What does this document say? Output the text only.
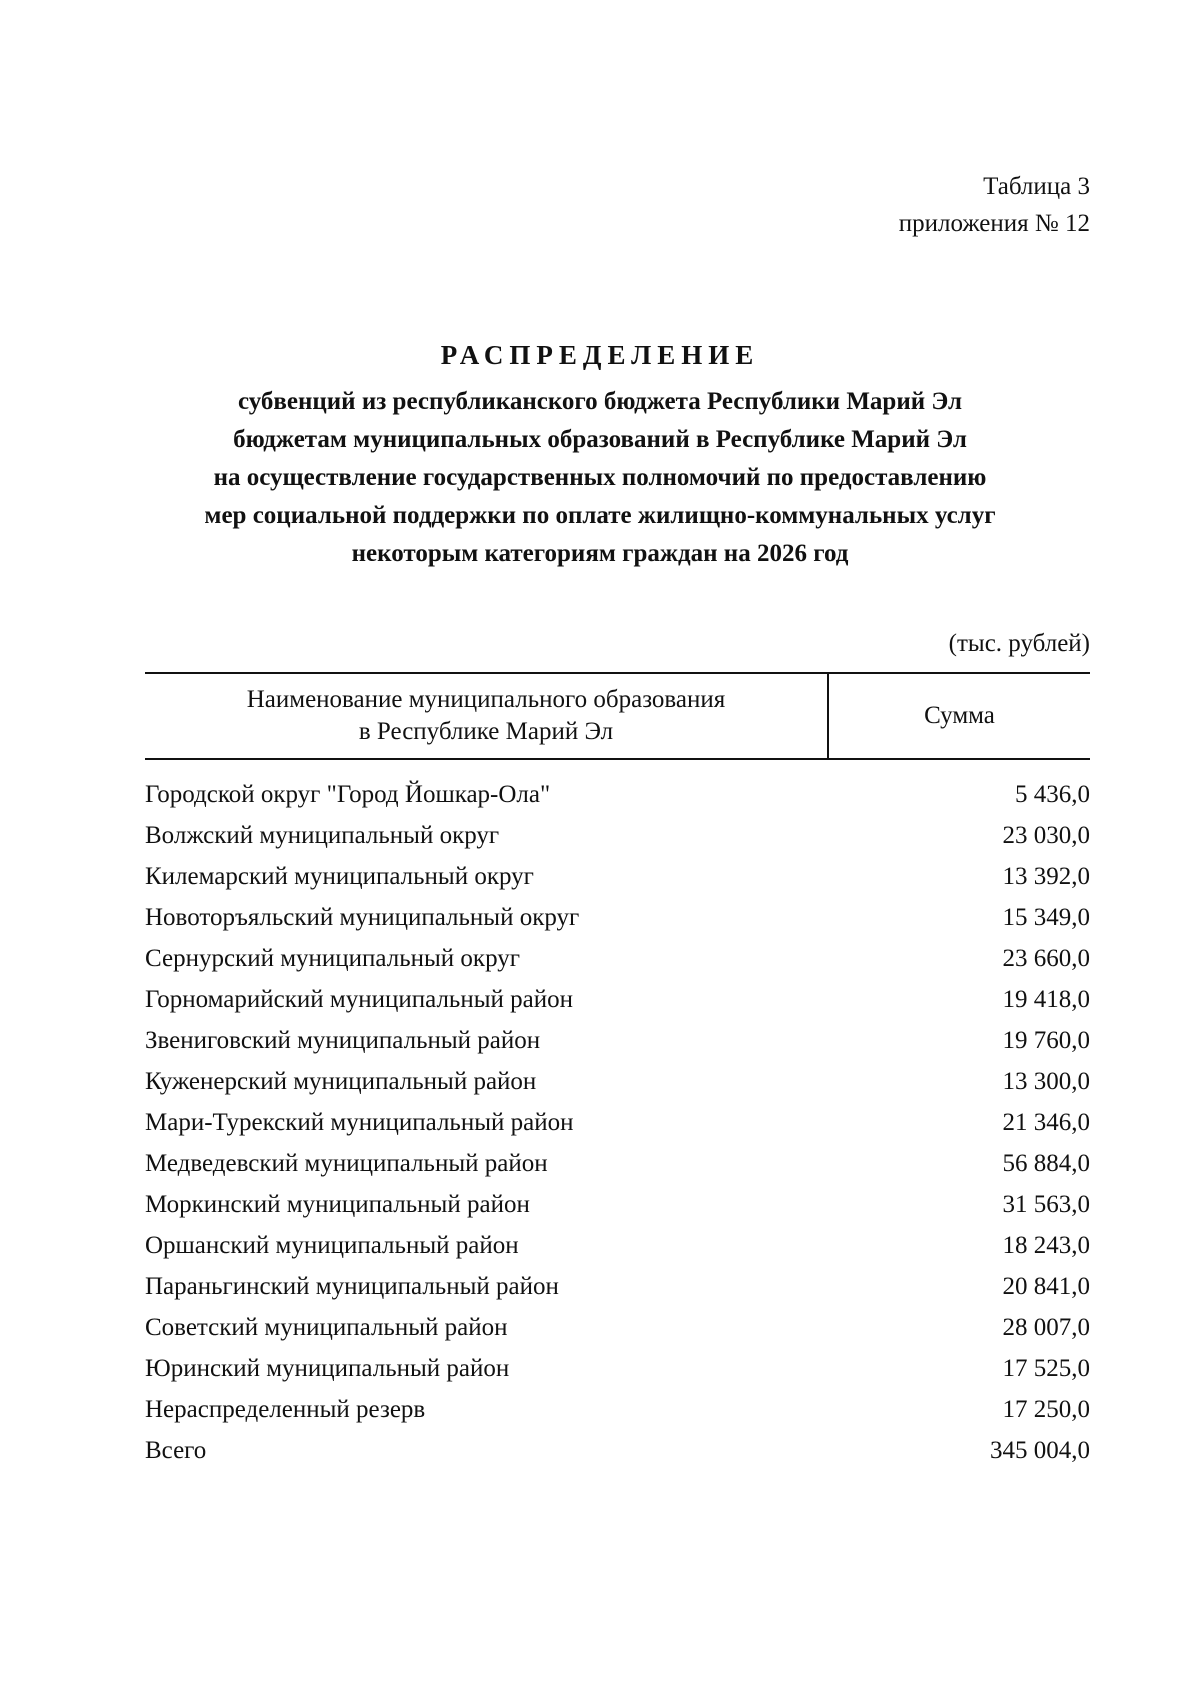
Таблица 3
приложения № 12
РАСПРЕДЕЛЕНИЕ
субвенций из республиканского бюджета Республики Марий Эл
бюджетам муниципальных образований в Республике Марий Эл
на осуществление государственных полномочий по предоставлению
мер социальной поддержки по оплате жилищно-коммунальных услуг
некоторым категориям граждан на 2026 год
(тыс. рублей)
Наименование муниципального образования
в Республике Марий Эл	Сумма
Городской округ "Город Йошкар-Ола"	5 436,0
Волжский муниципальный округ	23 030,0
Килемарский муниципальный округ	13 392,0
Новоторъяльский муниципальный округ	15 349,0
Сернурский муниципальный округ	23 660,0
Горномарийский муниципальный район	19 418,0
Звениговский муниципальный район	19 760,0
Куженерский муниципальный район	13 300,0
Мари-Турекский муниципальный район	21 346,0
Медведевский муниципальный район	56 884,0
Моркинский муниципальный район	31 563,0
Оршанский муниципальный район	18 243,0
Параньгинский муниципальный район	20 841,0
Советский муниципальный район	28 007,0
Юринский муниципальный район	17 525,0
Нераспределенный резерв	17 250,0
Всего	345 004,0
